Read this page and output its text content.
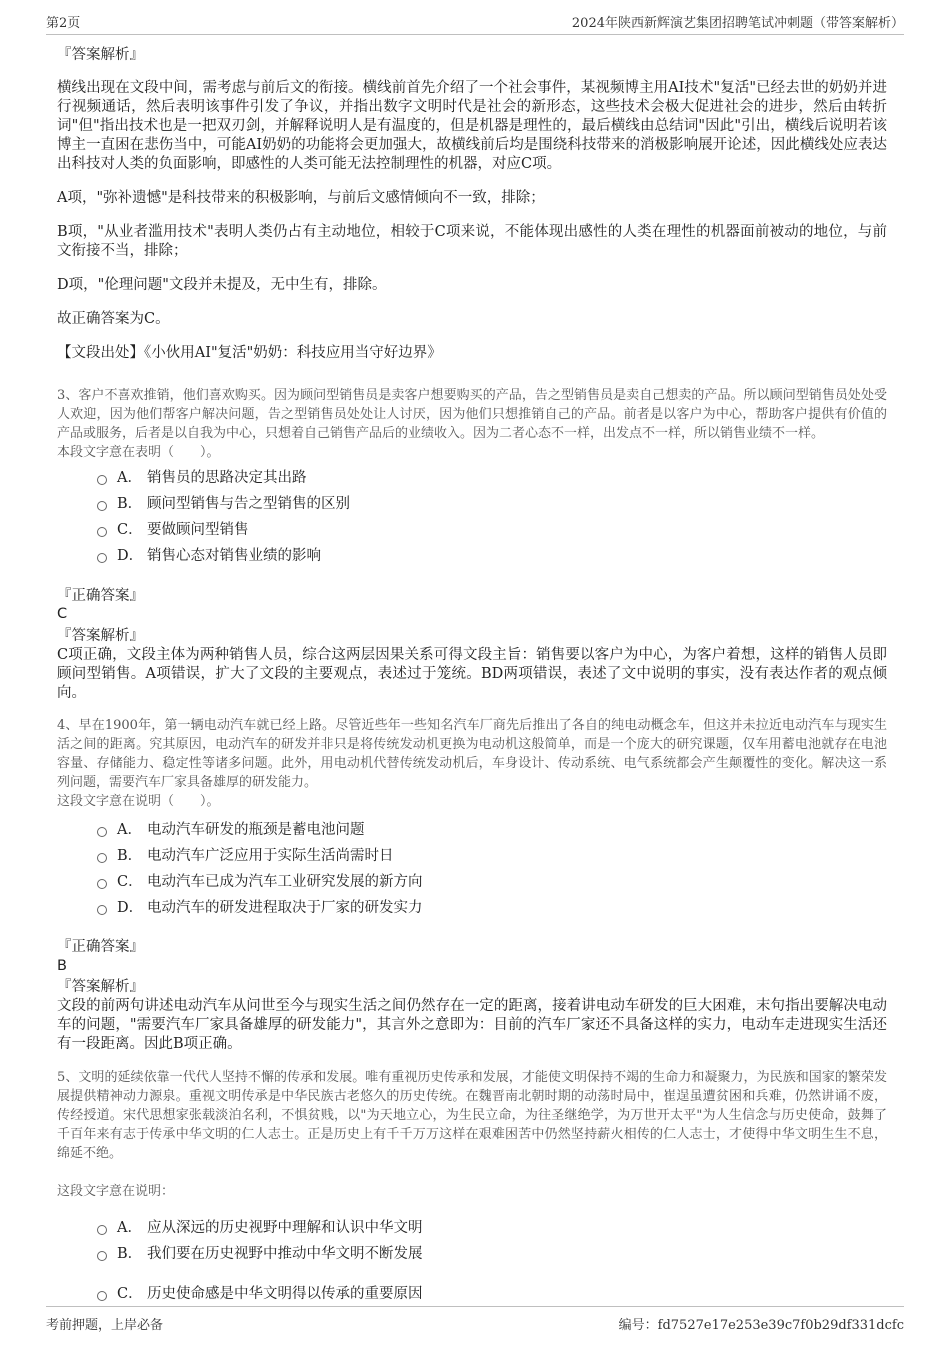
第2页	2024年陕西新辉演艺集团招聘笔试冲刺题（带答案解析）

『答案解析』

横线出现在文段中间，需考虑与前后文的衔接。横线前首先介绍了一个社会事件，某视频博主用AI技术"复活"已经去世的奶奶并进行视频通话，然后表明该事件引发了争议，并指出数字文明时代是社会的新形态，这些技术会极大促进社会的进步，然后由转折词"但"指出技术也是一把双刃剑，并解释说明人是有温度的，但是机器是理性的，最后横线由总结词"因此"引出，横线后说明若该博主一直困在悲伤当中，可能AI奶奶的功能将会更加强大，故横线前后均是围绕科技带来的消极影响展开论述，因此横线处应表达出科技对人类的负面影响，即感性的人类可能无法控制理性的机器，对应C项。

A项，"弥补遗憾"是科技带来的积极影响，与前后文感情倾向不一致，排除；

B项，"从业者滥用技术"表明人类仍占有主动地位，相较于C项来说，不能体现出感性的人类在理性的机器面前被动的地位，与前文衔接不当，排除；

D项，"伦理问题"文段并未提及，无中生有，排除。

故正确答案为C。

【文段出处】《小伙用AI"复活"奶奶：科技应用当守好边界》

3、客户不喜欢推销，他们喜欢购买。因为顾问型销售员是卖客户想要购买的产品，告之型销售员是卖自己想卖的产品。所以顾问型销售员处处受人欢迎，因为他们帮客户解决问题，告之型销售员处处让人讨厌，因为他们只想推销自己的产品。前者是以客户为中心，帮助客户提供有价值的产品或服务，后者是以自我为中心，只想着自己销售产品后的业绩收入。因为二者心态不一样，出发点不一样，所以销售业绩不一样。

本段文字意在表明（　　）。

A． 销售员的思路决定其出路
B． 顾问型销售与告之型销售的区别
C． 要做顾问型销售
D． 销售心态对销售业绩的影响
『正确答案』
C

『答案解析』

C项正确，文段主体为两种销售人员，综合这两层因果关系可得文段主旨：销售要以客户为中心，为客户着想，这样的销售人员即顾问型销售。A项错误，扩大了文段的主要观点，表述过于笼统。BD两项错误，表述了文中说明的事实，没有表达作者的观点倾向。

4、早在1900年，第一辆电动汽车就已经上路。尽管近些年一些知名汽车厂商先后推出了各自的纯电动概念车，但这并未拉近电动汽车与现实生活之间的距离。究其原因，电动汽车的研发并非只是将传统发动机更换为电动机这般简单，而是一个庞大的研究课题，仅车用蓄电池就存在电池容量、存储能力、稳定性等诸多问题。此外，用电动机代替传统发动机后，车身设计、传动系统、电气系统都会产生颠覆性的变化。解决这一系列问题，需要汽车厂家具备雄厚的研发能力。

这段文字意在说明（　　）。

A． 电动汽车研发的瓶颈是蓄电池问题
B． 电动汽车广泛应用于实际生活尚需时日
C． 电动汽车已成为汽车工业研究发展的新方向
D． 电动汽车的研发进程取决于厂家的研发实力
『正确答案』
B

『答案解析』

文段的前两句讲述电动汽车从问世至今与现实生活之间仍然存在一定的距离，接着讲电动车研发的巨大困难，末句指出要解决电动车的问题，"需要汽车厂家具备雄厚的研发能力"，其言外之意即为：目前的汽车厂家还不具备这样的实力，电动车走进现实生活还有一段距离。因此B项正确。

5、文明的延续依靠一代代人坚持不懈的传承和发展。唯有重视历史传承和发展，才能使文明保持不竭的生命力和凝聚力，为民族和国家的繁荣发展提供精神动力源泉。重视文明传承是中华民族古老悠久的历史传统。在魏晋南北朝时期的动荡时局中，崔逞虽遭贫困和兵难，仍然讲诵不废，传经授道。宋代思想家张载淡泊名利，不惧贫贱，以"为天地立心，为生民立命，为往圣继绝学，为万世开太平"为人生信念与历史使命，鼓舞了千百年来有志于传承中华文明的仁人志士。正是历史上有千千万万这样在艰难困苦中仍然坚持薪火相传的仁人志士，才使得中华文明生生不息，绵延不绝。

这段文字意在说明：

A． 应从深远的历史视野中理解和认识中华文明
B． 我们要在历史视野中推动中华文明不断发展
C． 历史使命感是中华文明得以传承的重要原因
考前押题，上岸必备	编号：fd7527e17e253e39c7f0b29df331dcfc
